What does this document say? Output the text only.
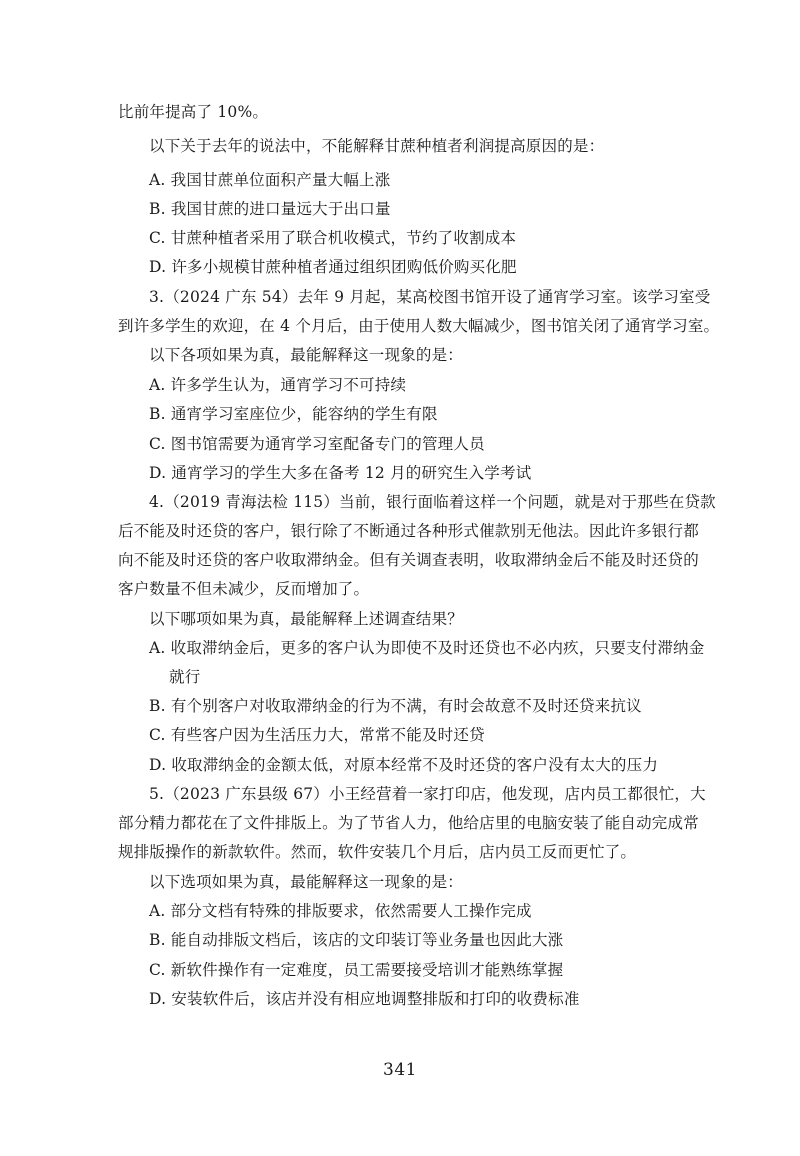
比前年提高了 10%。
以下关于去年的说法中，不能解释甘蔗种植者利润提高原因的是：
A. 我国甘蔗单位面积产量大幅上涨
B. 我国甘蔗的进口量远大于出口量
C. 甘蔗种植者采用了联合机收模式，节约了收割成本
D. 许多小规模甘蔗种植者通过组织团购低价购买化肥
3.（2024 广东 54）去年 9 月起，某高校图书馆开设了通宵学习室。该学习室受
到许多学生的欢迎，在 4 个月后，由于使用人数大幅减少，图书馆关闭了通宵学习室。
以下各项如果为真，最能解释这一现象的是：
A. 许多学生认为，通宵学习不可持续
B. 通宵学习室座位少，能容纳的学生有限
C. 图书馆需要为通宵学习室配备专门的管理人员
D. 通宵学习的学生大多在备考 12 月的研究生入学考试
4.（2019 青海法检 115）当前，银行面临着这样一个问题，就是对于那些在贷款
后不能及时还贷的客户，银行除了不断通过各种形式催款别无他法。因此许多银行都
向不能及时还贷的客户收取滞纳金。但有关调查表明，收取滞纳金后不能及时还贷的
客户数量不但未减少，反而增加了。
以下哪项如果为真，最能解释上述调查结果？
A. 收取滞纳金后，更多的客户认为即使不及时还贷也不必内疚，只要支付滞纳金
就行
B. 有个别客户对收取滞纳金的行为不满，有时会故意不及时还贷来抗议
C. 有些客户因为生活压力大，常常不能及时还贷
D. 收取滞纳金的金额太低，对原本经常不及时还贷的客户没有太大的压力
5.（2023 广东县级 67）小王经营着一家打印店，他发现，店内员工都很忙，大
部分精力都花在了文件排版上。为了节省人力，他给店里的电脑安装了能自动完成常
规排版操作的新款软件。然而，软件安装几个月后，店内员工反而更忙了。
以下选项如果为真，最能解释这一现象的是：
A. 部分文档有特殊的排版要求，依然需要人工操作完成
B. 能自动排版文档后，该店的文印装订等业务量也因此大涨
C. 新软件操作有一定难度，员工需要接受培训才能熟练掌握
D. 安装软件后，该店并没有相应地调整排版和打印的收费标准
341
